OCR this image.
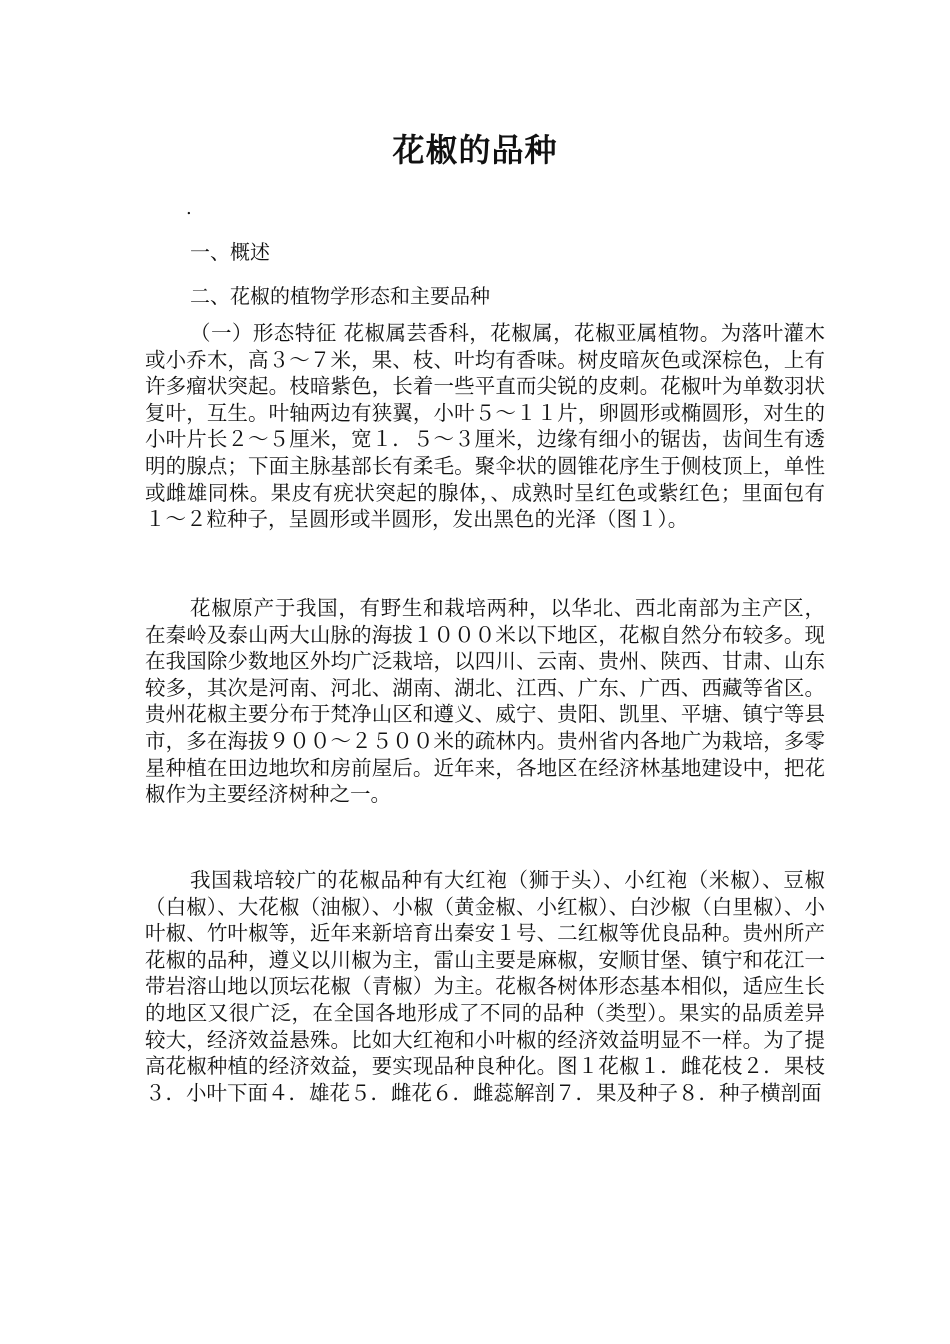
花椒的品种
.
一、概述
二、花椒的植物学形态和主要品种

（一）形态特征 花椒属芸香科，花椒属，花椒亚属植物。为落叶灌木或小乔木，高３～７米，果、枝、叶均有香味。树皮暗灰色或深棕色，上有许多瘤状突起。枝暗紫色，长着一些平直而尖锐的皮刺。花椒叶为单数羽状复叶，互生。叶轴两边有狭翼，小叶５～１１片，卵圆形或椭圆形，对生的小叶片长２～５厘米，宽１．５～３厘米，边缘有细小的锯齿，齿间生有透明的腺点；下面主脉基部长有柔毛。聚伞状的圆锥花序生于侧枝顶上，单性或雌雄同株。果皮有疣状突起的腺体，、成熟时呈红色或紫红色；里面包有１～２粒种子，呈圆形或半圆形，发出黑色的光泽（图１）。

花椒原产于我国，有野生和栽培两种，以华北、西北南部为主产区，在秦岭及泰山两大山脉的海拔１０００米以下地区，花椒自然分布较多。现在我国除少数地区外均广泛栽培，以四川、云南、贵州、陕西、甘肃、山东较多，其次是河南、河北、湖南、湖北、江西、广东、广西、西藏等省区。贵州花椒主要分布于梵净山区和遵义、威宁、贵阳、凯里、平塘、镇宁等县市，多在海拔９００～２５００米的疏林内。贵州省内各地广为栽培，多零星种植在田边地坎和房前屋后。近年来，各地区在经济林基地建设中，把花椒作为主要经济树种之一。

我国栽培较广的花椒品种有大红袍（狮于头）、小红袍（米椒）、豆椒（白椒）、大花椒（油椒）、小椒（黄金椒、小红椒）、白沙椒（白里椒）、小叶椒、竹叶椒等，近年来新培育出秦安１号、二红椒等优良品种。贵州所产花椒的品种，遵义以川椒为主，雷山主要是麻椒，安顺甘堡、镇宁和花江一带岩溶山地以顶坛花椒（青椒）为主。花椒各树体形态基本相似，适应生长的地区又很广泛，在全国各地形成了不同的品种（类型）。果实的品质差异较大，经济效益悬殊。比如大红袍和小叶椒的经济效益明显不一样。为了提高花椒种植的经济效益，要实现品种良种化。图１花椒１．雌花枝２．果枝３．小叶下面４．雄花５．雌花６．雌蕊解剖７．果及种子８．种子横剖面
